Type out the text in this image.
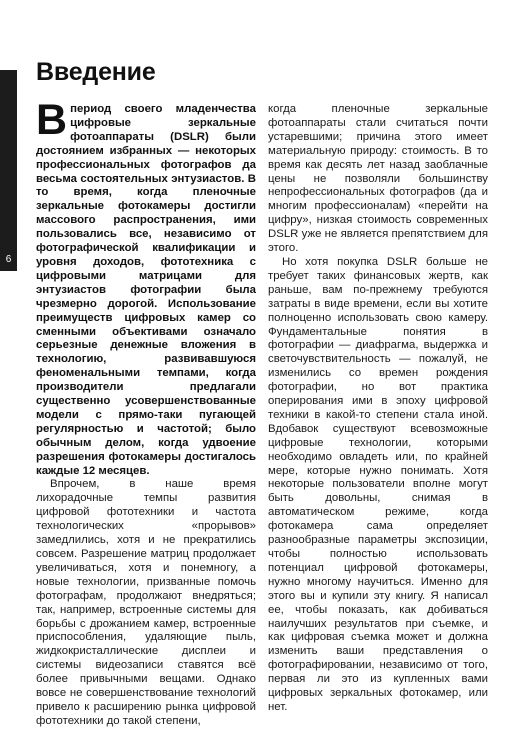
6
Введение

Впериод своего младенчества цифровые зеркальные фотоаппараты (DSLR) были достоянием избранных — некоторых профессиональных фотографов да весьма состоятельных энтузиастов. В то время, когда пленочные зеркальные фотокамеры достигли массового распространения, ими пользовались все, независимо от фотографической квалификации и уровня доходов, фототехника с цифровыми матрицами для энтузиастов фотографии была чрезмерно дорогой. Использование преимуществ цифровых камер со сменными объективами означало серьезные денежные вложения в технологию, развивавшуюся феноменальными темпами, когда производители предлагали существенно усовершенствованные модели с прямо-таки пугающей регулярностью и частотой; было обычным делом, когда удвоение разрешения фотокамеры достигалось каждые 12 месяцев.

Впрочем, в наше время лихорадочные темпы развития цифровой фототехники и частота технологических «прорывов» замедлились, хотя и не прекратились совсем. Разрешение матриц продолжает увеличиваться, хотя и понемногу, а новые технологии, призванные помочь фотографам, продолжают внедряться; так, например, встроенные системы для борьбы с дрожанием камер, встроенные приспособления, удаляющие пыль, жидкокристаллические дисплеи и системы видеозаписи ставятся всё более привычными вещами. Однако вовсе не совершенствование технологий привело к расширению рынка цифровой фототехники до такой степени,

когда пленочные зеркальные фотоаппараты стали считаться почти устаревшими; причина этого имеет материальную природу: стоимость. В то время как десять лет назад заоблачные цены не позволяли большинству непрофессиональных фотографов (да и многим профессионалам) «перейти на цифру», низкая стоимость современных DSLR уже не является препятствием для этого.

Но хотя покупка DSLR больше не требует таких финансовых жертв, как раньше, вам по-прежнему требуются затраты в виде времени, если вы хотите полноценно использовать свою камеру. Фундаментальные понятия в фотографии — диафрагма, выдержка и светочувствительность — пожалуй, не изменились со времен рождения фотографии, но вот практика оперирования ими в эпоху цифровой техники в какой-то степени стала иной. Вдобавок существуют всевозможные цифровые технологии, которыми необходимо овладеть или, по крайней мере, которые нужно понимать. Хотя некоторые пользователи вполне могут быть довольны, снимая в автоматическом режиме, когда фотокамера сама определяет разнообразные параметры экспозиции, чтобы полностью использовать потенциал цифровой фотокамеры, нужно многому научиться. Именно для этого вы и купили эту книгу. Я написал ее, чтобы показать, как добиваться наилучших результатов при съемке, и как цифровая съемка может и должна изменить ваши представления о фотографировании, независимо от того, первая ли это из купленных вами цифровых зеркальных фотокамер, или нет.
